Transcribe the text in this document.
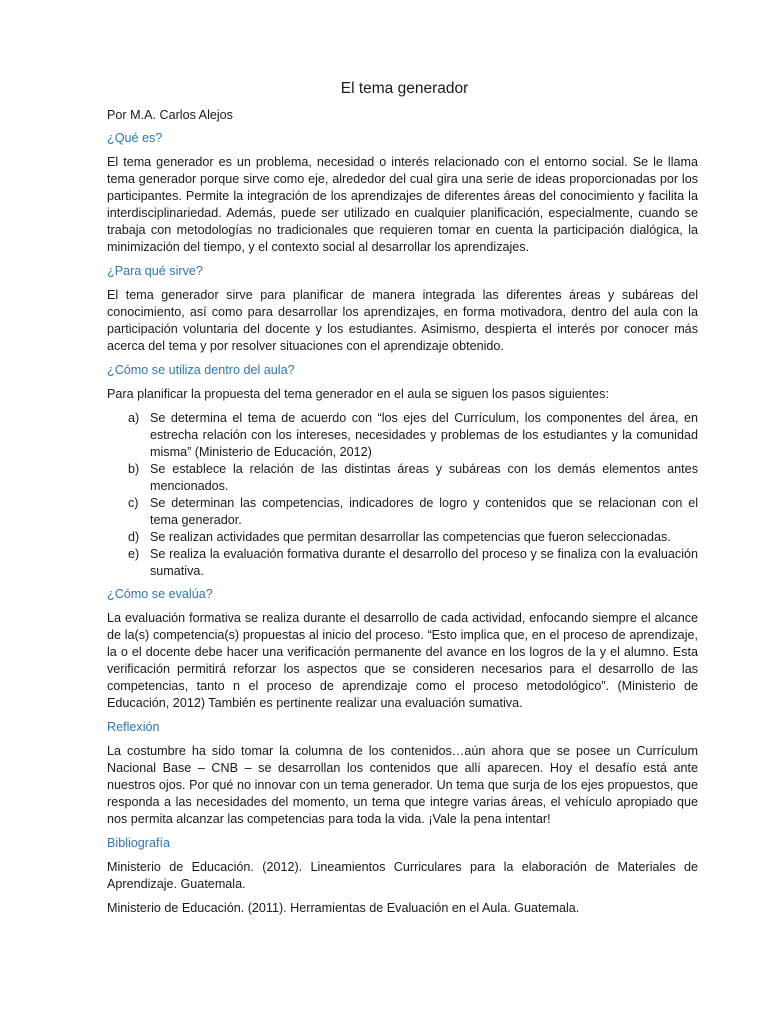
El tema generador

Por M.A. Carlos Alejos

¿Qué es?

El tema generador es un problema, necesidad o interés relacionado con el entorno social. Se le llama tema generador porque sirve como eje, alrededor del cual gira una serie de ideas proporcionadas por los participantes. Permite la integración de los aprendizajes de diferentes áreas del conocimiento y facilita la interdisciplinariedad. Además, puede ser utilizado en cualquier planificación, especialmente, cuando se trabaja con metodologías no tradicionales que requieren tomar en cuenta la participación dialógica, la minimización del tiempo, y el contexto social al desarrollar los aprendizajes.

¿Para qué sirve?

El tema generador sirve para planificar de manera integrada las diferentes áreas y subáreas del conocimiento, así como para desarrollar los aprendizajes, en forma motivadora, dentro del aula con la participación voluntaria del docente y los estudiantes. Asimismo, despierta el interés por conocer más acerca del tema y por resolver situaciones con el aprendizaje obtenido.

¿Cómo se utiliza dentro del aula?

Para planificar la propuesta del tema generador en el aula se siguen los pasos siguientes:

a) Se determina el tema de acuerdo con “los ejes del Currículum, los componentes del área, en estrecha relación con los intereses, necesidades y problemas de los estudiantes y la comunidad misma” (Ministerio de Educación, 2012)
b) Se establece la relación de las distintas áreas y subáreas con los demás elementos antes mencionados.
c) Se determinan las competencias, indicadores de logro y contenidos que se relacionan con el tema generador.
d) Se realizan actividades que permitan desarrollar las competencias que fueron seleccionadas.
e) Se realiza la evaluación formativa durante el desarrollo del proceso y se finaliza con la evaluación sumativa.
¿Cómo se evalúa?

La evaluación formativa se realiza durante el desarrollo de cada actividad, enfocando siempre el alcance de la(s) competencia(s) propuestas al inicio del proceso. “Esto implica que, en el proceso de aprendizaje, la o el docente debe hacer una verificación permanente del avance en los logros de la y el alumno. Esta verificación permitirá reforzar los aspectos que se consideren necesarios para el desarrollo de las competencias, tanto n el proceso de aprendizaje como el proceso metodológico”. (Ministerio de Educación, 2012) También es pertinente realizar una evaluación sumativa.

Reflexión

La costumbre ha sido tomar la columna de los contenidos…aún ahora que se posee un Currículum Nacional Base – CNB – se desarrollan los contenidos que allí aparecen. Hoy el desafío está ante nuestros ojos. Por qué no innovar con un tema generador. Un tema que surja de los ejes propuestos, que responda a las necesidades del momento, un tema que integre varias áreas, el vehículo apropiado que nos permita alcanzar las competencias para toda la vida. ¡Vale la pena intentar!

Bibliografía

Ministerio de Educación. (2012). Lineamientos Curriculares para la elaboración de Materiales de Aprendizaje. Guatemala.

Ministerio de Educación. (2011). Herramientas de Evaluación en el Aula. Guatemala.
